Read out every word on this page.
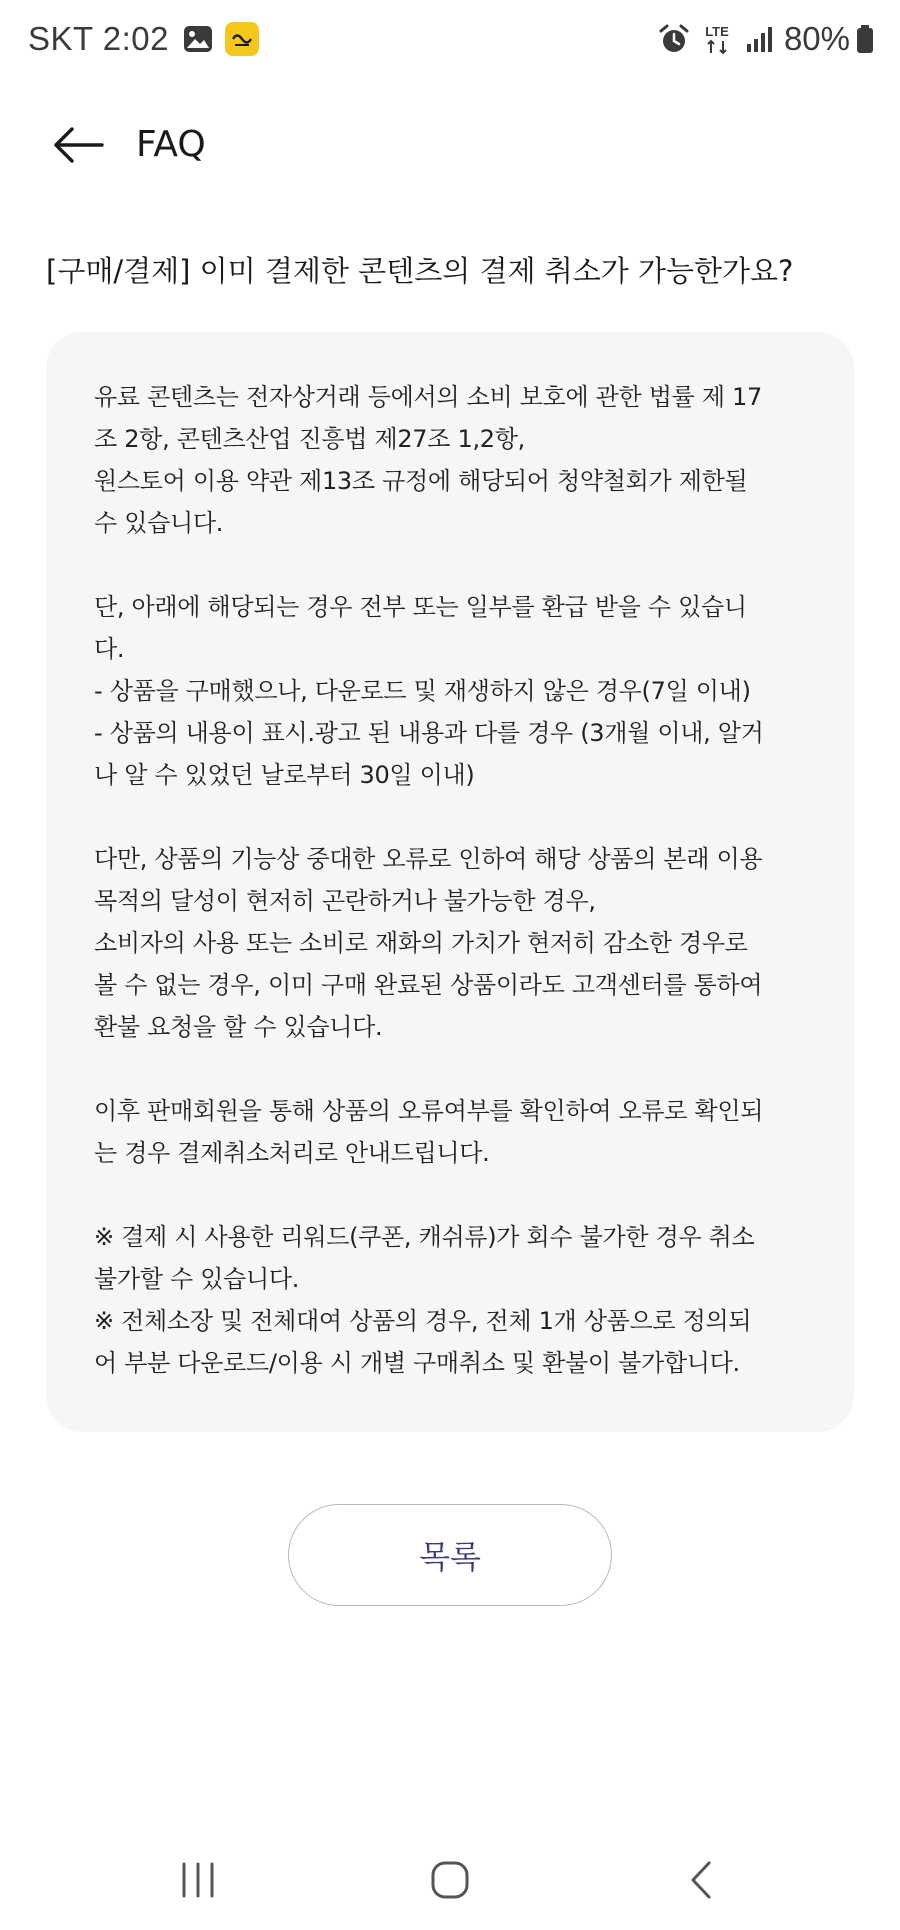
SKT 2:02	LTE 80%
FAQ
[구매/결제] 이미 결제한 콘텐츠의 결제 취소가 가능한가요?

유료 콘텐츠는 전자상거래 등에서의 소비 보호에 관한 법률 제 17
조 2항, 콘텐츠산업 진흥법 제27조 1,2항,
원스토어 이용 약관 제13조 규정에 해당되어 청약철회가 제한될
수 있습니다.

단, 아래에 해당되는 경우 전부 또는 일부를 환급 받을 수 있습니
다.
- 상품을 구매했으나, 다운로드 및 재생하지 않은 경우(7일 이내)
- 상품의 내용이 표시.광고 된 내용과 다를 경우 (3개월 이내, 알거
나 알 수 있었던 날로부터 30일 이내)

다만, 상품의 기능상 중대한 오류로 인하여 해당 상품의 본래 이용
목적의 달성이 현저히 곤란하거나 불가능한 경우,
소비자의 사용 또는 소비로 재화의 가치가 현저히 감소한 경우로
볼 수 없는 경우, 이미 구매 완료된 상품이라도 고객센터를 통하여
환불 요청을 할 수 있습니다.

이후 판매회원을 통해 상품의 오류여부를 확인하여 오류로 확인되
는 경우 결제취소처리로 안내드립니다.

※ 결제 시 사용한 리워드(쿠폰, 캐쉬류)가 회수 불가한 경우 취소
불가할 수 있습니다.
※ 전체소장 및 전체대여 상품의 경우, 전체 1개 상품으로 정의되
어 부분 다운로드/이용 시 개별 구매취소 및 환불이 불가합니다.

목록
